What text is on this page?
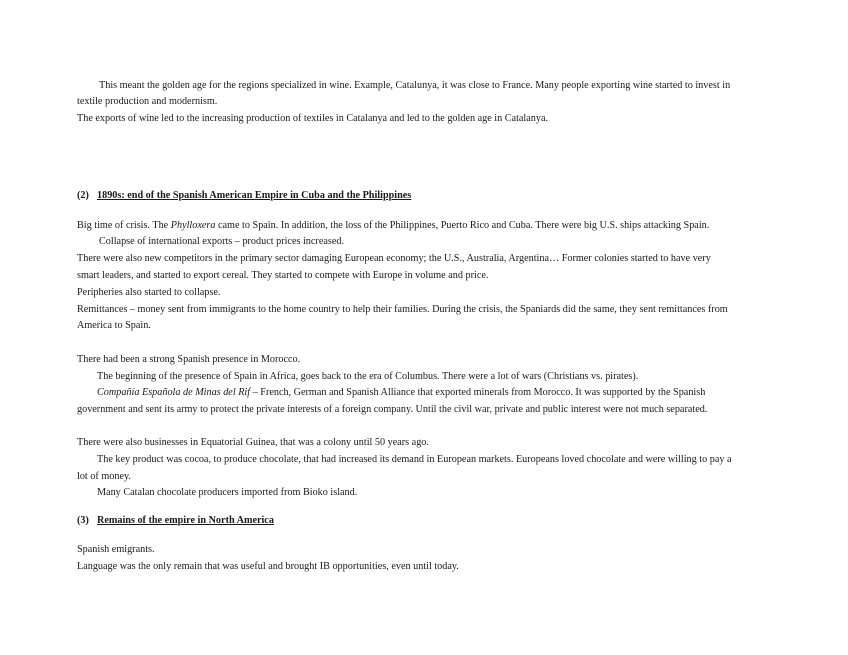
This meant the golden age for the regions specialized in wine. Example, Catalunya, it was close to France. Many people exporting wine started to invest in
textile production and modernism.
The exports of wine led to the increasing production of textiles in Catalanya and led to the golden age in Catalanya.
(2) 1890s: end of the Spanish American Empire in Cuba and the Philippines
Big time of crisis. The Phylloxera came to Spain. In addition, the loss of the Philippines, Puerto Rico and Cuba. There were big U.S. ships attacking Spain.
Collapse of international exports – product prices increased.
There were also new competitors in the primary sector damaging European economy; the U.S., Australia, Argentina… Former colonies started to have very
smart leaders, and started to export cereal. They started to compete with Europe in volume and price.
Peripheries also started to collapse.
Remittances – money sent from immigrants to the home country to help their families. During the crisis, the Spaniards did the same, they sent remittances from
America to Spain.
There had been a strong Spanish presence in Morocco.
The beginning of the presence of Spain in Africa, goes back to the era of Columbus. There were a lot of wars (Christians vs. pirates).
Compañía Española de Minas del Rif – French, German and Spanish Alliance that exported minerals from Morocco. It was supported by the Spanish
government and sent its army to protect the private interests of a foreign company. Until the civil war, private and public interest were not much separated.
There were also businesses in Equatorial Guinea, that was a colony until 50 years ago.
The key product was cocoa, to produce chocolate, that had increased its demand in European markets. Europeans loved chocolate and were willing to pay a
lot of money.
Many Catalan chocolate producers imported from Bioko island.
(3) Remains of the empire in North America
Spanish emigrants.
Language was the only remain that was useful and brought IB opportunities, even until today.
